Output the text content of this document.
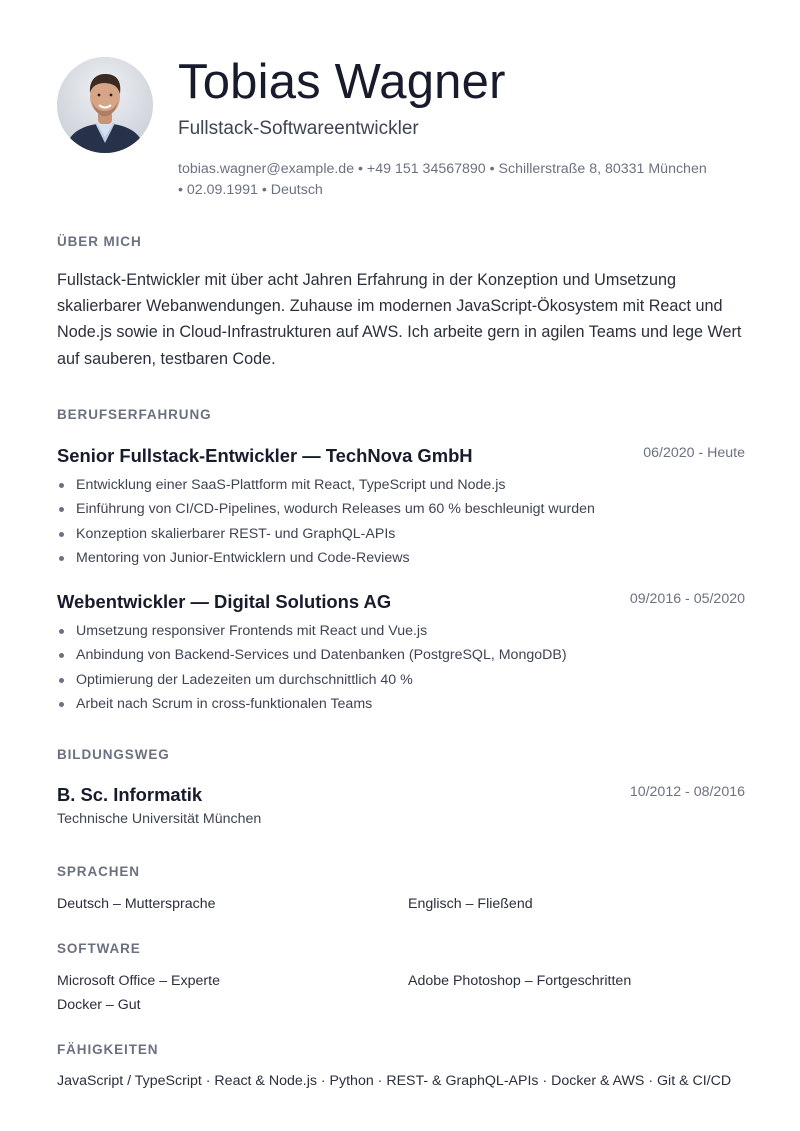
Tobias Wagner
Fullstack-Softwareentwickler
tobias.wagner@example.de • +49 151 34567890 • Schillerstraße 8, 80331 München
• 02.09.1991 • Deutsch
ÜBER MICH
Fullstack-Entwickler mit über acht Jahren Erfahrung in der Konzeption und Umsetzung skalierbarer Webanwendungen. Zuhause im modernen JavaScript-Ökosystem mit React und Node.js sowie in Cloud-Infrastrukturen auf AWS. Ich arbeite gern in agilen Teams und lege Wert auf sauberen, testbaren Code.
BERUFSERFAHRUNG
Senior Fullstack-Entwickler — TechNova GmbH	06/2020 - Heute
Entwicklung einer SaaS-Plattform mit React, TypeScript und Node.js
Einführung von CI/CD-Pipelines, wodurch Releases um 60 % beschleunigt wurden
Konzeption skalierbarer REST- und GraphQL-APIs
Mentoring von Junior-Entwicklern und Code-Reviews
Webentwickler — Digital Solutions AG	09/2016 - 05/2020
Umsetzung responsiver Frontends mit React und Vue.js
Anbindung von Backend-Services und Datenbanken (PostgreSQL, MongoDB)
Optimierung der Ladezeiten um durchschnittlich 40 %
Arbeit nach Scrum in cross-funktionalen Teams
BILDUNGSWEG
B. Sc. Informatik
Technische Universität München
10/2012 - 08/2016
SPRACHEN
Deutsch – Muttersprache	Englisch – Fließend
SOFTWARE
Microsoft Office – Experte	Adobe Photoshop – Fortgeschritten
Docker – Gut
FÄHIGKEITEN
JavaScript / TypeScript · React & Node.js · Python · REST- & GraphQL-APIs · Docker & AWS · Git & CI/CD
